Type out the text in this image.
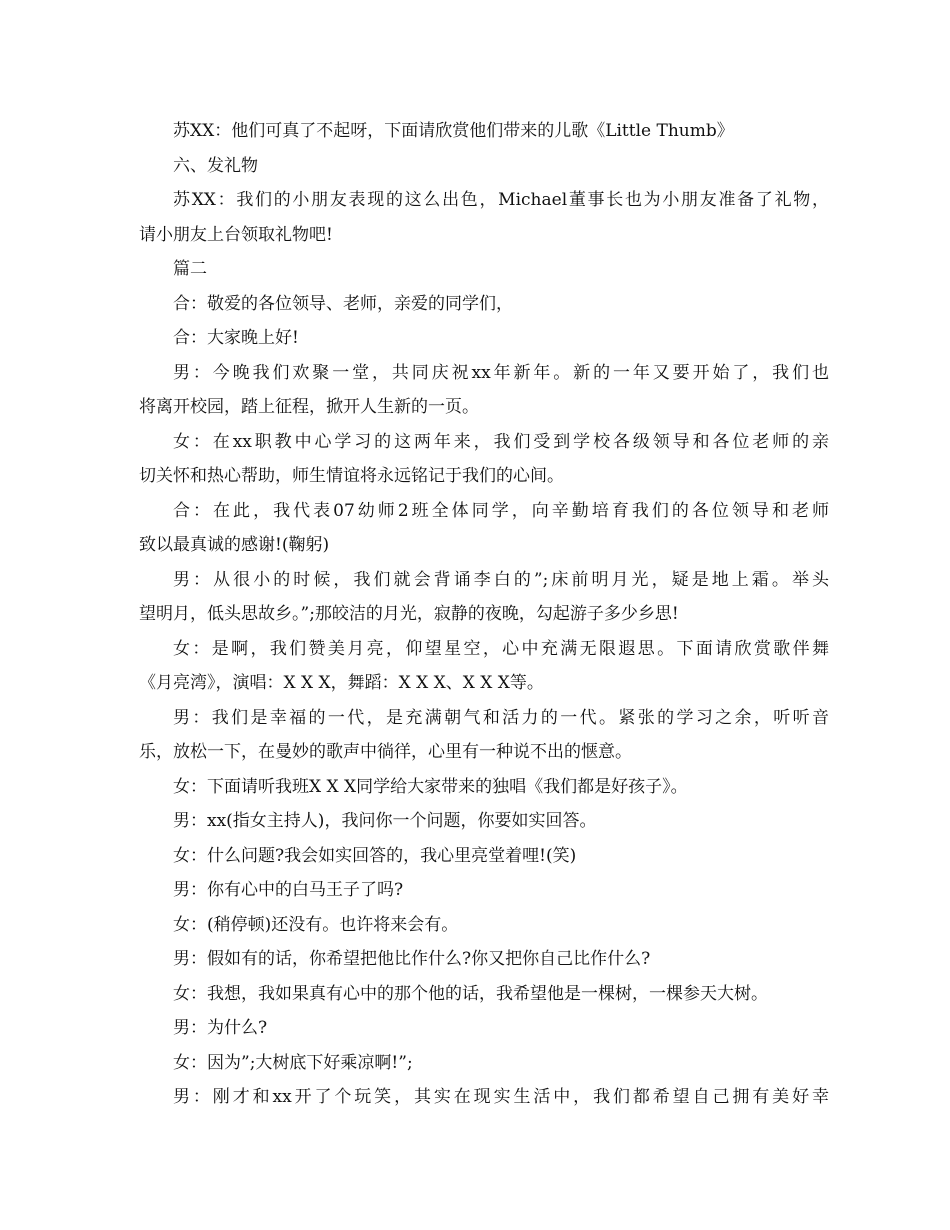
苏XX：他们可真了不起呀，下面请欣赏他们带来的儿歌《Little Thumb》
六、发礼物
苏XX：我们的小朋友表现的这么出色，Michael董事长也为小朋友准备了礼物，
请小朋友上台领取礼物吧!
篇二
合：敬爱的各位领导、老师，亲爱的同学们，
合：大家晚上好!
男：今晚我们欢聚一堂，共同庆祝xx年新年。新的一年又要开始了，我们也
将离开校园，踏上征程，掀开人生新的一页。
女：在xx职教中心学习的这两年来，我们受到学校各级领导和各位老师的亲
切关怀和热心帮助，师生情谊将永远铭记于我们的心间。
合：在此，我代表07幼师2班全体同学，向辛勤培育我们的各位领导和老师
致以最真诚的感谢!(鞠躬)
男：从很小的时候，我们就会背诵李白的”;床前明月光，疑是地上霜。举头
望明月，低头思故乡。”;那皎洁的月光，寂静的夜晚，勾起游子多少乡思!
女：是啊，我们赞美月亮，仰望星空，心中充满无限遐思。下面请欣赏歌伴舞
《月亮湾》，演唱：X X X，舞蹈：X X X、X X X等。
男：我们是幸福的一代，是充满朝气和活力的一代。紧张的学习之余，听听音
乐，放松一下，在曼妙的歌声中徜徉，心里有一种说不出的惬意。
女：下面请听我班X X X同学给大家带来的独唱《我们都是好孩子》。
男：xx(指女主持人)，我问你一个问题，你要如实回答。
女：什么问题?我会如实回答的，我心里亮堂着哩!(笑)
男：你有心中的白马王子了吗?
女：(稍停顿)还没有。也许将来会有。
男：假如有的话，你希望把他比作什么?你又把你自己比作什么?
女：我想，我如果真有心中的那个他的话，我希望他是一棵树，一棵参天大树。
男：为什么?
女：因为”;大树底下好乘凉啊!”;
男：刚才和xx开了个玩笑，其实在现实生活中，我们都希望自己拥有美好幸
